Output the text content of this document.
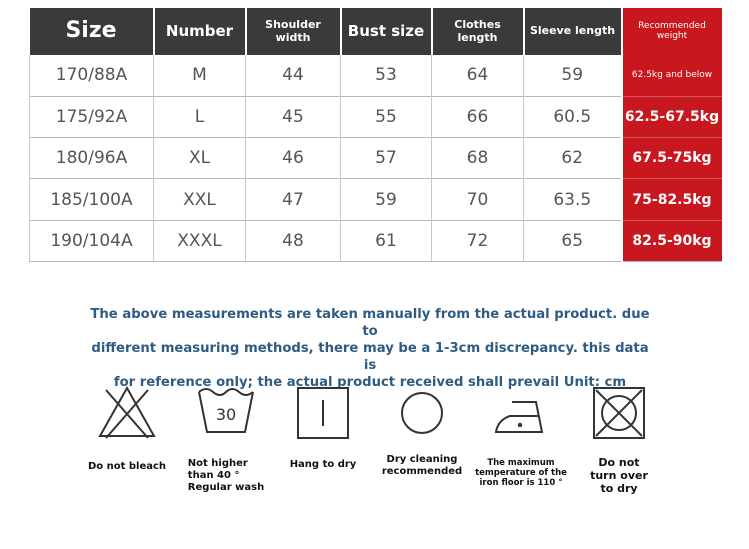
Size	Number	Shoulder width	Bust size	Clothes length	Sleeve length	Recommended weight
170/88A	M	44	53	64	59	62.5kg and below
175/92A	L	45	55	66	60.5	62.5-67.5kg
180/96A	XL	46	57	68	62	67.5-75kg
185/100A	XXL	47	59	70	63.5	75-82.5kg
190/104A	XXXL	48	61	72	65	82.5-90kg
The above measurements are taken manually from the actual product. due to
different measuring methods, there may be a 1-3cm discrepancy. this data is
for reference only; the actual product received shall prevail Unit: cm
Do not bleach
30
Not higher
than 40 °
Regular wash
Hang to dry	Dry cleaning
recommended
The maximum
temperature of the
iron floor is 110 °
Do not
turn over
to dry
